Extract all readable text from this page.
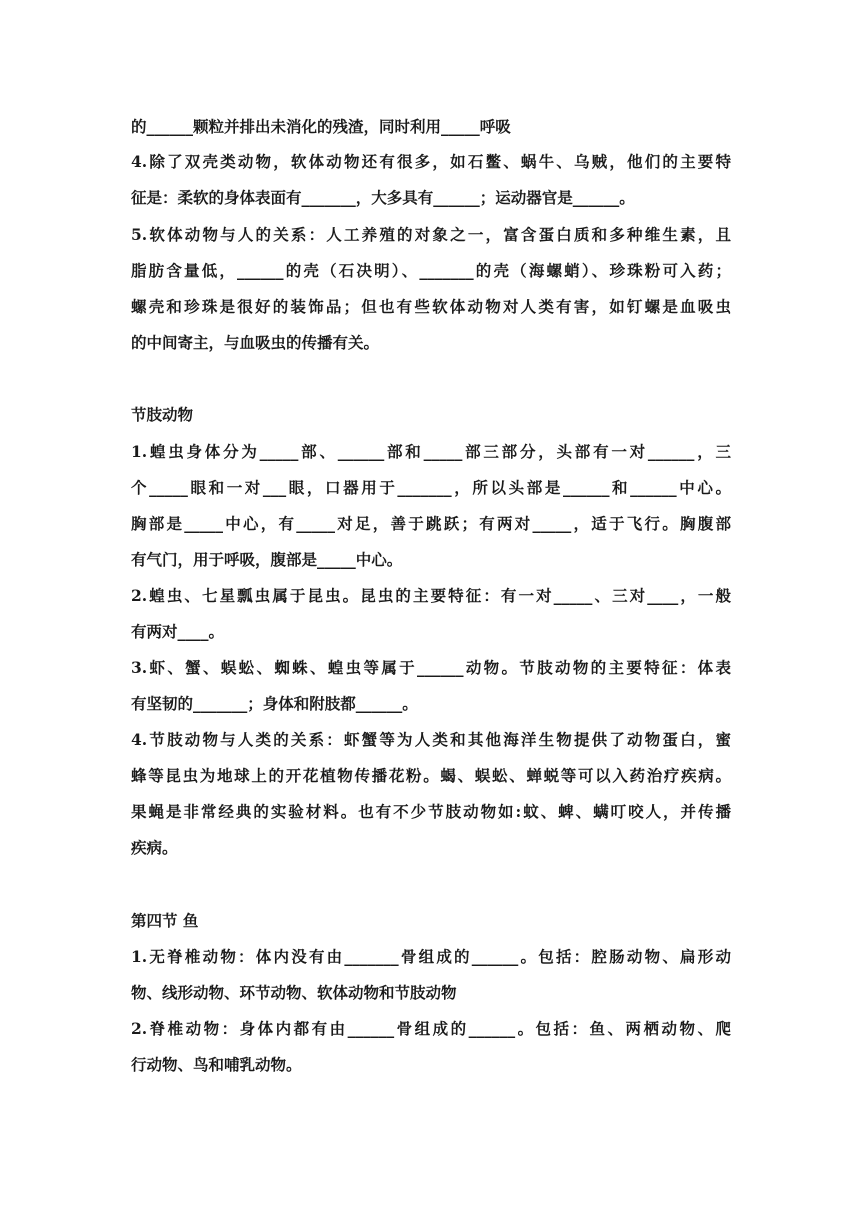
的______颗粒并排出未消化的残渣，同时利用_____呼吸
4.除了双壳类动物，软体动物还有很多，如石鳖、蜗牛、乌贼，他们的主要特
征是：柔软的身体表面有_______，大多具有______；运动器官是______。
5.软体动物与人的关系：人工养殖的对象之一，富含蛋白质和多种维生素，且
脂肪含量低，______的壳（石决明）、_______的壳（海螺蛸）、珍珠粉可入药；
螺壳和珍珠是很好的装饰品；但也有些软体动物对人类有害，如钉螺是血吸虫
的中间寄主，与血吸虫的传播有关。
节肢动物
1.蝗虫身体分为_____部、______部和_____部三部分，头部有一对______，三
个_____眼和一对___眼，口器用于_______，所以头部是______和______中心。
胸部是_____中心，有_____对足，善于跳跃；有两对_____，适于飞行。胸腹部
有气门，用于呼吸，腹部是_____中心。
2.蝗虫、七星瓢虫属于昆虫。昆虫的主要特征：有一对_____、三对____，一般
有两对____。
3.虾、蟹、蜈蚣、蜘蛛、蝗虫等属于______动物。节肢动物的主要特征：体表
有坚韧的_______；身体和附肢都______。
4.节肢动物与人类的关系：虾蟹等为人类和其他海洋生物提供了动物蛋白，蜜
蜂等昆虫为地球上的开花植物传播花粉。蝎、蜈蚣、蝉蜕等可以入药治疗疾病。
果蝇是非常经典的实验材料。也有不少节肢动物如:蚊、蜱、螨叮咬人，并传播
疾病。
第四节 鱼
1.无脊椎动物：体内没有由_______骨组成的______。包括：腔肠动物、扁形动
物、线形动物、环节动物、软体动物和节肢动物
2.脊椎动物：身体内都有由______骨组成的______。包括：鱼、两栖动物、爬
行动物、鸟和哺乳动物。
